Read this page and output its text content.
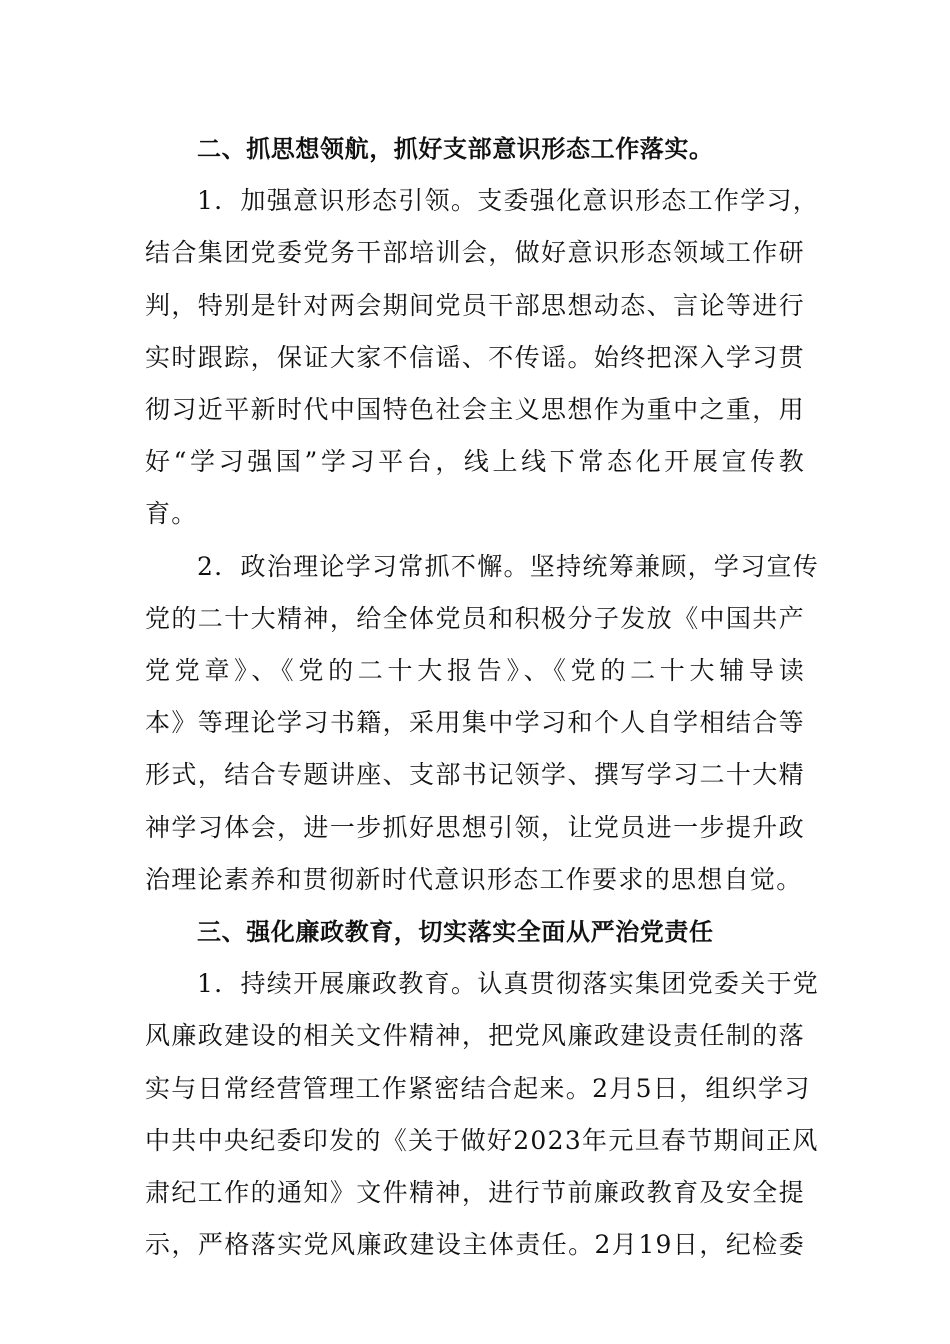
二、抓思想领航，抓好支部意识形态工作落实。
1．加强意识形态引领。支委强化意识形态工作学习，
结合集团党委党务干部培训会，做好意识形态领域工作研
判，特别是针对两会期间党员干部思想动态、言论等进行
实时跟踪，保证大家不信谣、不传谣。始终把深入学习贯
彻习近平新时代中国特色社会主义思想作为重中之重，用
好“学习强国”学习平台，线上线下常态化开展宣传教
育。
2．政治理论学习常抓不懈。坚持统筹兼顾，学习宣传
党的二十大精神，给全体党员和积极分子发放《中国共产
党党章》、《党的二十大报告》、《党的二十大辅导读
本》等理论学习书籍，采用集中学习和个人自学相结合等
形式，结合专题讲座、支部书记领学、撰写学习二十大精
神学习体会，进一步抓好思想引领，让党员进一步提升政
治理论素养和贯彻新时代意识形态工作要求的思想自觉。
三、强化廉政教育，切实落实全面从严治党责任
1．持续开展廉政教育。认真贯彻落实集团党委关于党
风廉政建设的相关文件精神，把党风廉政建设责任制的落
实与日常经营管理工作紧密结合起来。2月5日，组织学习
中共中央纪委印发的《关于做好2023年元旦春节期间正风
肃纪工作的通知》文件精神，进行节前廉政教育及安全提
示，严格落实党风廉政建设主体责任。2月19日，纪检委
